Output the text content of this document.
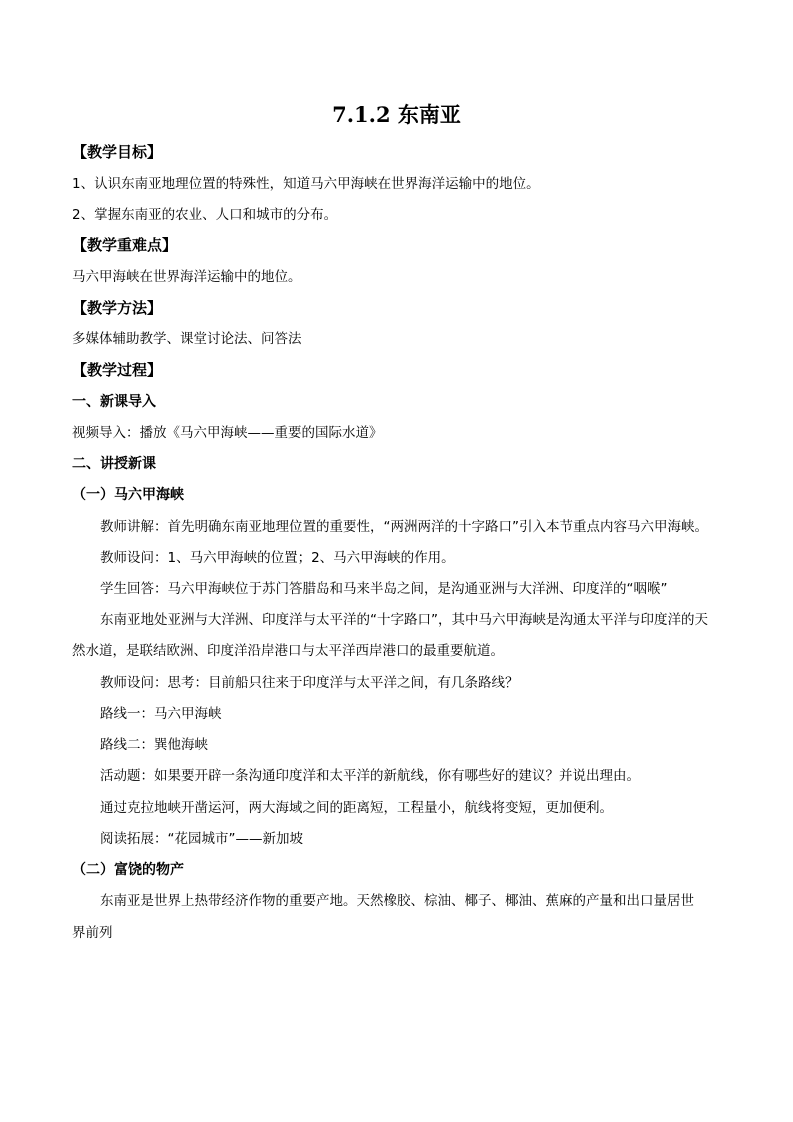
7.1.2 东南亚
【教学目标】
1、认识东南亚地理位置的特殊性，知道马六甲海峡在世界海洋运输中的地位。
2、掌握东南亚的农业、人口和城市的分布。
【教学重难点】
马六甲海峡在世界海洋运输中的地位。
【教学方法】
多媒体辅助教学、课堂讨论法、问答法
【教学过程】
一、新课导入
视频导入：播放《马六甲海峡——重要的国际水道》
二、讲授新课
（一）马六甲海峡
教师讲解：首先明确东南亚地理位置的重要性，“两洲两洋的十字路口”引入本节重点内容马六甲海峡。
教师设问：1、马六甲海峡的位置；2、马六甲海峡的作用。
学生回答：马六甲海峡位于苏门答腊岛和马来半岛之间，是沟通亚洲与大洋洲、印度洋的“咽喉”
东南亚地处亚洲与大洋洲、印度洋与太平洋的“十字路口”，其中马六甲海峡是沟通太平洋与印度洋的天
然水道，是联结欧洲、印度洋沿岸港口与太平洋西岸港口的最重要航道。
教师设问：思考：目前船只往来于印度洋与太平洋之间，有几条路线？
路线一：马六甲海峡
路线二：巽他海峡
活动题：如果要开辟一条沟通印度洋和太平洋的新航线，你有哪些好的建议？并说出理由。
通过克拉地峡开凿运河，两大海域之间的距离短，工程量小，航线将变短，更加便利。
阅读拓展：“花园城市”——新加坡
（二）富饶的物产
东南亚是世界上热带经济作物的重要产地。天然橡胶、棕油、椰子、椰油、蕉麻的产量和出口量居世
界前列
